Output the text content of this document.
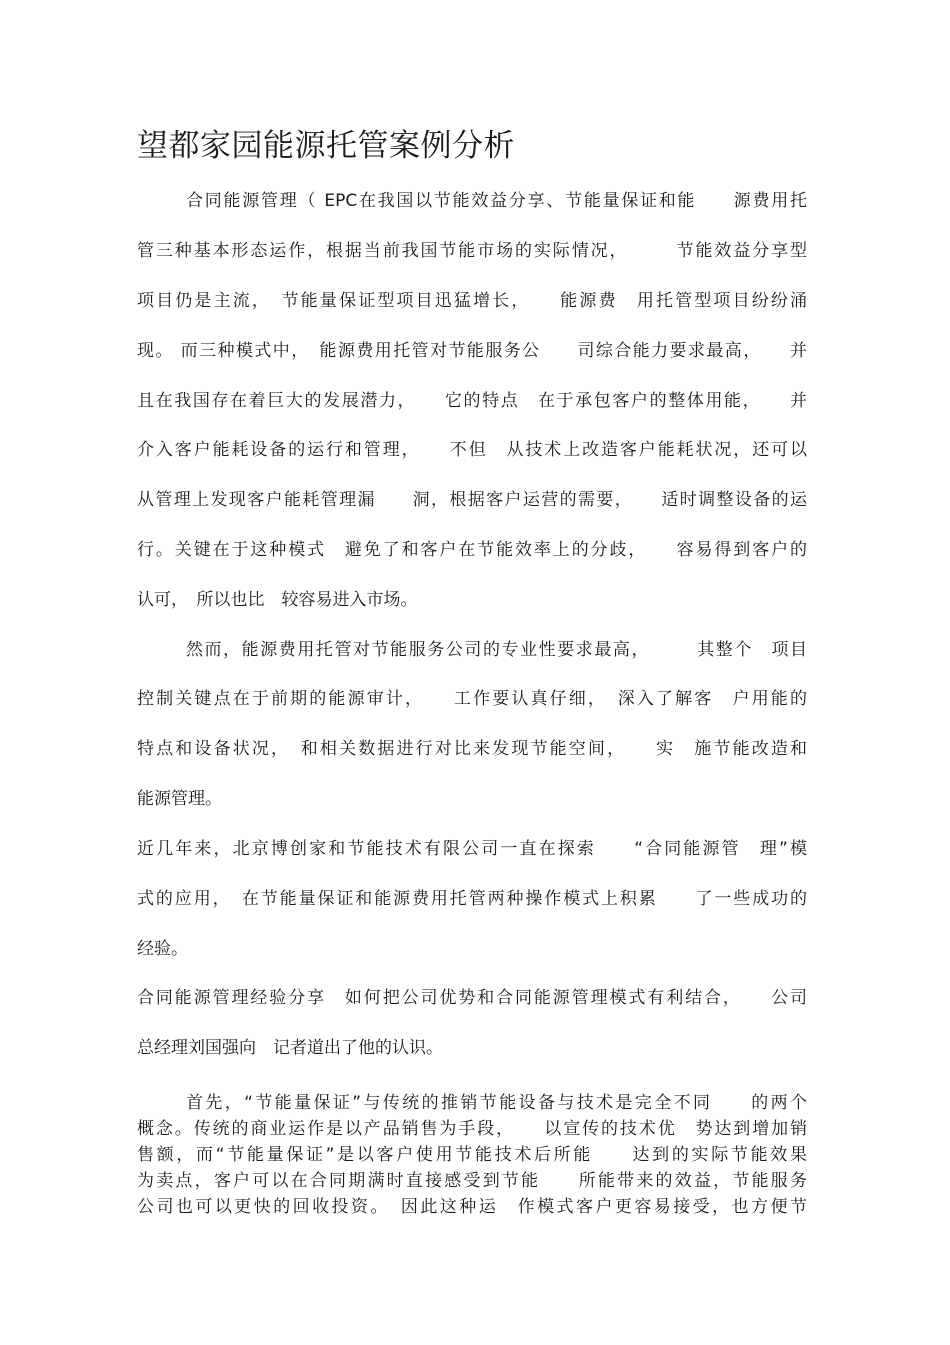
望都家园能源托管案例分析
合同能源管理（ EPC在我国以节能效益分享、节能量保证和能　　源费用托
管三种基本形态运作，根据当前我国节能市场的实际情况，　　　节能效益分享型
项目仍是主流，　节能量保证型项目迅猛增长，　　能源费　用托管型项目纷纷涌
现。 而三种模式中，　能源费用托管对节能服务公　　司综合能力要求最高，　　并
且在我国存在着巨大的发展潜力，　　它的特点　在于承包客户的整体用能，　　并
介入客户能耗设备的运行和管理，　　不但　从技术上改造客户能耗状况，还可以
从管理上发现客户能耗管理漏　　洞，根据客户运营的需要，　　适时调整设备的运
行。关键在于这种模式　避免了和客户在节能效率上的分歧，　　容易得到客户的
认可，　所以也比　较容易进入市场。
然而，能源费用托管对节能服务公司的专业性要求最高，　　　其整个　项目
控制关键点在于前期的能源审计，　　工作要认真仔细，　深入了解客　户用能的
特点和设备状况，　和相关数据进行对比来发现节能空间，　　实　施节能改造和
能源管理。
近几年来，北京博创家和节能技术有限公司一直在探索　　“合同能源管　理”模
式的应用，　在节能量保证和能源费用托管两种操作模式上积累　　了一些成功的
经验。
合同能源管理经验分享　如何把公司优势和合同能源管理模式有利结合，　　公司
总经理刘国强向　记者道出了他的认识。
首先，“节能量保证”与传统的推销节能设备与技术是完全不同　　的两个
概念。传统的商业运作是以产品销售为手段，　　以宣传的技术优　势达到增加销
售额，而“节能量保证”是以客户使用节能技术后所能　　达到的实际节能效果
为卖点，客户可以在合同期满时直接感受到节能　　所能带来的效益，节能服务
公司也可以更快的回收投资。　因此这种运　作模式客户更容易接受，也方便节
